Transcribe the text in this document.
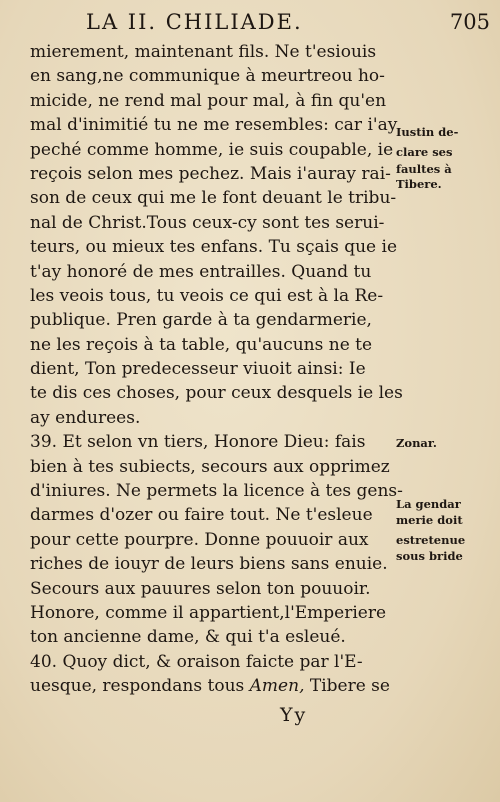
LA II. CHILIADE.	705
mierement, maintenant fils. Ne t'esiouis
en sang,ne communique à meurtreou ho-
micide, ne rend mal pour mal, à fin qu'en
mal d'inimitié tu ne me resembles: car i'ay
peché comme homme, ie suis coupable, ie
reçois selon mes pechez. Mais i'auray rai-
son de ceux qui me le font deuant le tribu-
nal de Christ.Tous ceux-cy sont tes serui-
teurs, ou mieux tes enfans. Tu sçais que ie
t'ay honoré de mes entrailles. Quand tu
les veois tous, tu veois ce qui est à la Re-
publique. Pren garde à ta gendarmerie,
ne les reçois à ta table, qu'aucuns ne te
dient, Ton predecesseur viuoit ainsi: Ie
te dis ces choses, pour ceux desquels ie les
ay endurees.
39. Et selon vn tiers, Honore Dieu: fais
bien à tes subiects, secours aux opprimez
d'iniures. Ne permets la licence à tes gens-
darmes d'ozer ou faire tout. Ne t'esleue
pour cette pourpre. Donne pouuoir aux
riches de iouyr de leurs biens sans enuie.
Secours aux pauures selon ton pouuoir.
Honore, comme il appartient,l'Emperiere
ton ancienne dame, & qui t'a esleué.
40. Quoy dict, & oraison faicte par l'E-
uesque, respondans tous Amen, Tibere se
Iustin de-
clare ses
faultes à
Tibere.
Zonar.
La gendar
merie doit
estretenue
sous bride
Yy
